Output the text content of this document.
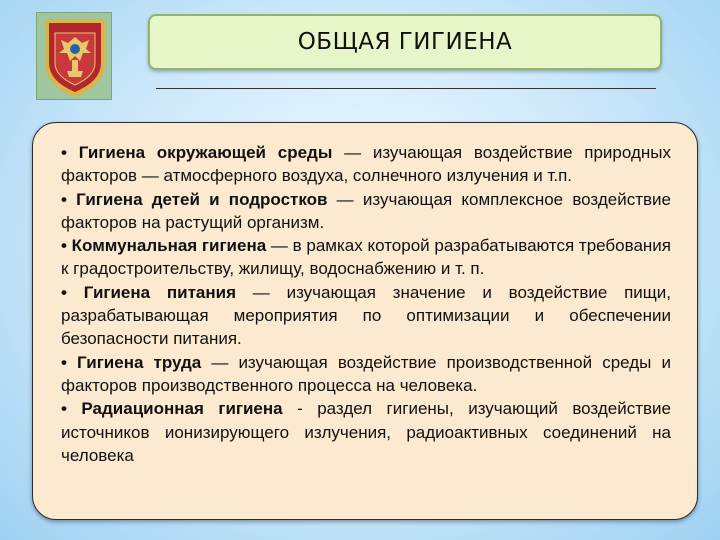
ОБЩАЯ ГИГИЕНА

• Гигиена окружающей среды — изучающая воздействие природных факторов — атмосферного воздуха, солнечного излучения и т.п.

• Гигиена детей и подростков — изучающая комплексное воздействие факторов на растущий организм.

• Коммунальная гигиена — в рамках которой разрабатываются требования к градостроительству, жилищу, водоснабжению и т. п.

• Гигиена питания — изучающая значение и воздействие пищи, разрабатывающая мероприятия по оптимизации и обеспечении безопасности питания.

• Гигиена труда — изучающая воздействие производственной среды и факторов производственного процесса на человека.

• Радиационная гигиена - раздел гигиены, изучающий воздействие источников ионизирующего излучения, радиоактивных соединений на человека
